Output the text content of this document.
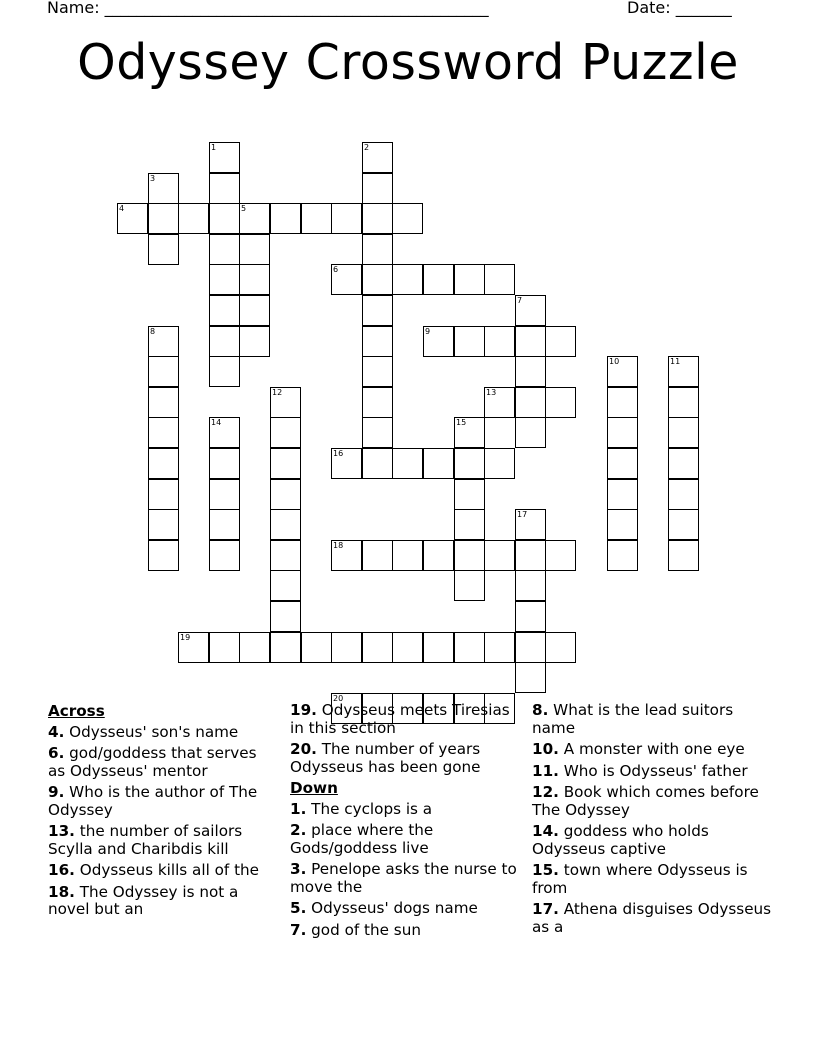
Name: ________________________________________________	Date: _______
Odyssey Crossword Puzzle
1	2
3
4	5
6
7
9
8
10	11
13
12
14	15
16
17
18
19
20
Across
4. Odysseus' son's name
6. god/goddess that serves as Odysseus' mentor
9. Who is the author of The Odyssey
13. the number of sailors Scylla and Charibdis kill
16. Odysseus kills all of the
18. The Odyssey is not a novel but an
19. Odysseus meets Tiresias in this section
20. The number of years Odysseus has been gone
Down
1. The cyclops is a
2. place where the Gods/goddess live
3. Penelope asks the nurse to move the
5. Odysseus' dogs name
7. god of the sun
8. What is the lead suitors name
10. A monster with one eye
11. Who is Odysseus' father
12. Book which comes before The Odyssey
14. goddess who holds Odysseus captive
15. town where Odysseus is from
17. Athena disguises Odysseus as a
